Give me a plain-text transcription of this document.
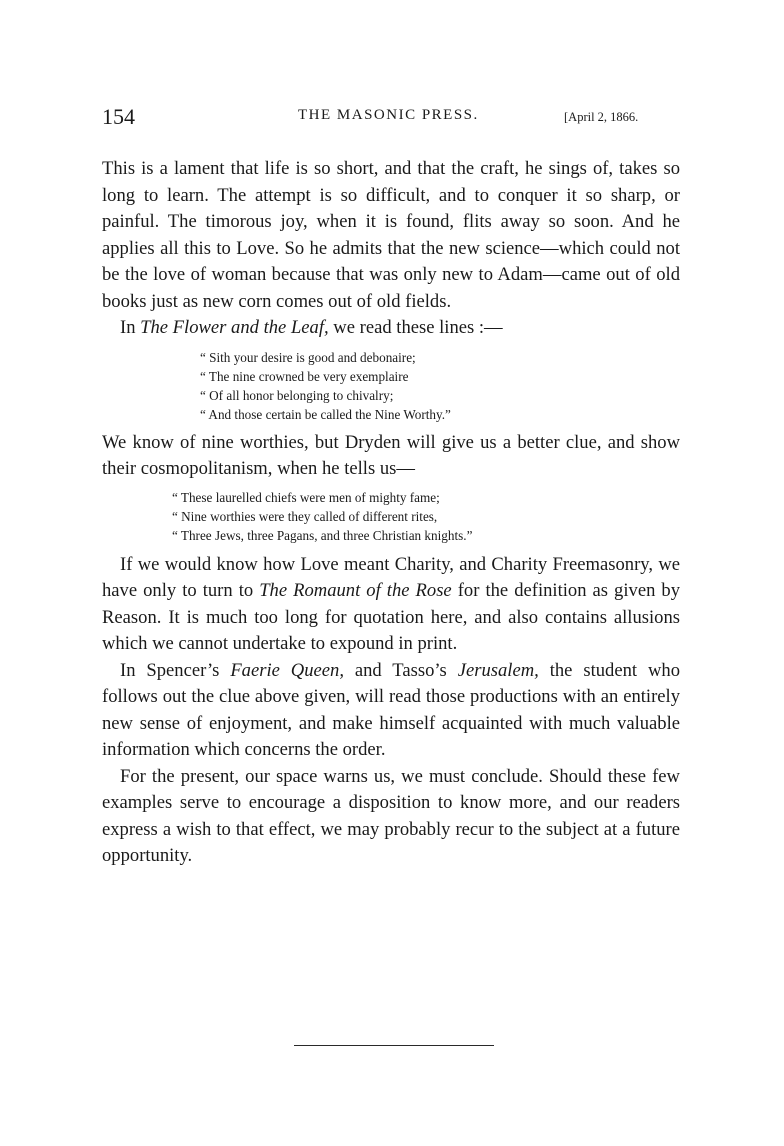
154	THE MASONIC PRESS.	[April 2, 1866.

This is a lament that life is so short, and that the craft, he sings of, takes so long to learn. The attempt is so difficult, and to conquer it so sharp, or painful. The timorous joy, when it is found, flits away so soon. And he applies all this to Love. So he admits that the new science—which could not be the love of woman because that was only new to Adam—came out of old books just as new corn comes out of old fields.

In The Flower and the Leaf, we read these lines :—

“ Sith your desire is good and debonaire;
“ The nine crowned be very exemplaire
“ Of all honor belonging to chivalry;
“ And those certain be called the Nine Worthy.”

We know of nine worthies, but Dryden will give us a better clue, and show their cosmopolitanism, when he tells us—

“ These laurelled chiefs were men of mighty fame;
“ Nine worthies were they called of different rites,
“ Three Jews, three Pagans, and three Christian knights.”

If we would know how Love meant Charity, and Charity Freemasonry, we have only to turn to The Romaunt of the Rose for the definition as given by Reason. It is much too long for quotation here, and also contains allusions which we cannot undertake to expound in print.

In Spencer’s Faerie Queen, and Tasso’s Jerusalem, the student who follows out the clue above given, will read those productions with an entirely new sense of enjoyment, and make himself acquainted with much valuable information which concerns the order.

For the present, our space warns us, we must conclude. Should these few examples serve to encourage a disposition to know more, and our readers express a wish to that effect, we may probably recur to the subject at a future opportunity.
